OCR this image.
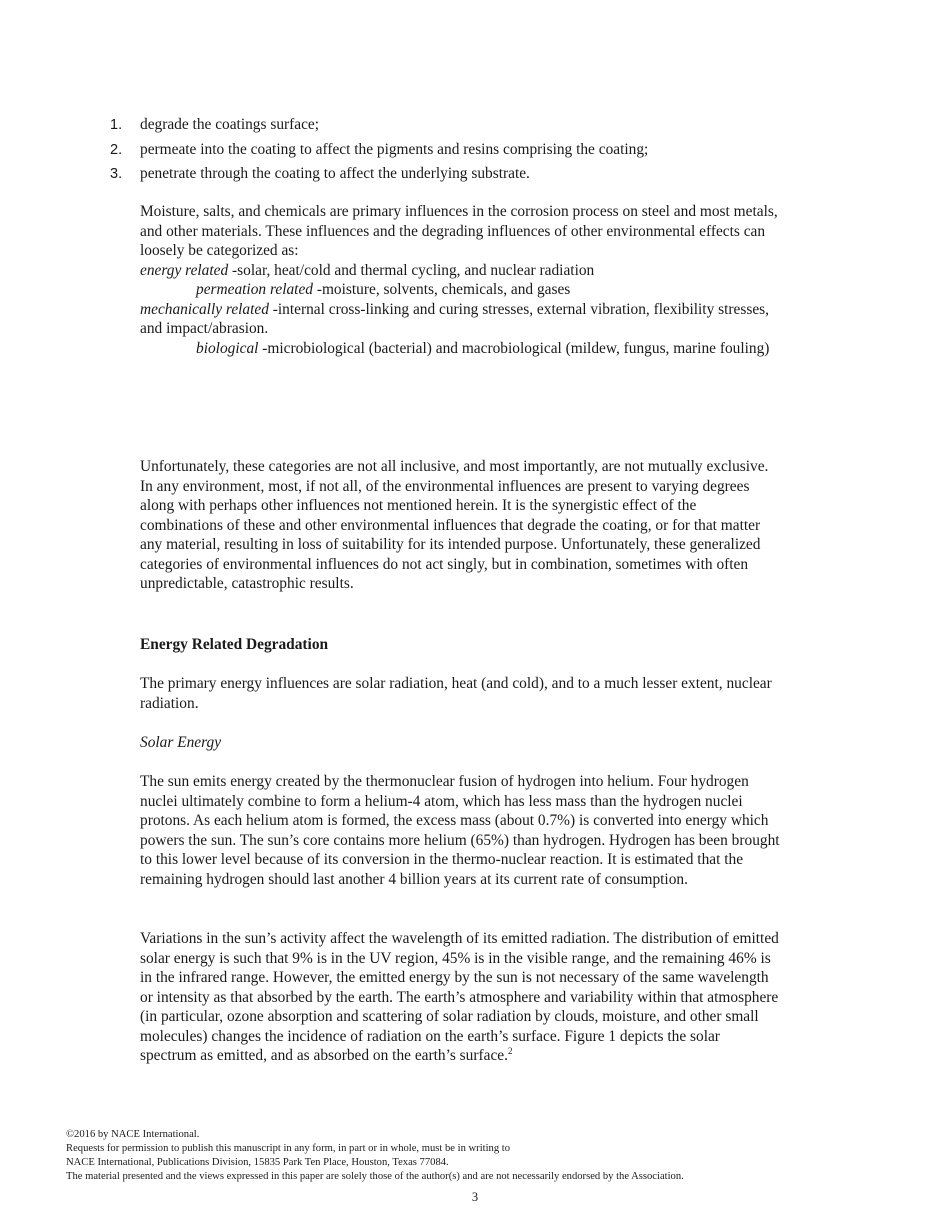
1.	degrade the coatings surface;
2.	permeate into the coating to affect the pigments and resins comprising the coating;
3.	penetrate through the coating to affect the underlying substrate.

Moisture, salts, and chemicals are primary influences in the corrosion process on steel and most metals, and other materials. These influences and the degrading influences of other environmental effects can loosely be categorized as:

energy related -solar, heat/cold and thermal cycling, and nuclear radiation

permeation related -moisture, solvents, chemicals, and gases

mechanically related -internal cross-linking and curing stresses, external vibration, flexibility stresses, and impact/abrasion.

biological -microbiological (bacterial) and macrobiological (mildew, fungus, marine fouling)

Unfortunately, these categories are not all inclusive, and most importantly, are not mutually exclusive. In any environment, most, if not all, of the environmental influences are present to varying degrees along with perhaps other influences not mentioned herein. It is the synergistic effect of the combinations of these and other environmental influences that degrade the coating, or for that matter any material, resulting in loss of suitability for its intended purpose. Unfortunately, these generalized categories of environmental influences do not act singly, but in combination, sometimes with often unpredictable, catastrophic results.

Energy Related Degradation

The primary energy influences are solar radiation, heat (and cold), and to a much lesser extent, nuclear radiation.

Solar Energy

The sun emits energy created by the thermonuclear fusion of hydrogen into helium. Four hydrogen nuclei ultimately combine to form a helium-4 atom, which has less mass than the hydrogen nuclei protons. As each helium atom is formed, the excess mass (about 0.7%) is converted into energy which powers the sun. The sun’s core contains more helium (65%) than hydrogen. Hydrogen has been brought to this lower level because of its conversion in the thermo-nuclear reaction. It is estimated that the remaining hydrogen should last another 4 billion years at its current rate of consumption.

Variations in the sun’s activity affect the wavelength of its emitted radiation. The distribution of emitted solar energy is such that 9% is in the UV region, 45% is in the visible range, and the remaining 46% is in the infrared range. However, the emitted energy by the sun is not necessary of the same wavelength or intensity as that absorbed by the earth. The earth’s atmosphere and variability within that atmosphere (in particular, ozone absorption and scattering of solar radiation by clouds, moisture, and other small molecules) changes the incidence of radiation on the earth’s surface. Figure 1 depicts the solar spectrum as emitted, and as absorbed on the earth’s surface.$^2$

©2016 by NACE International.
Requests for permission to publish this manuscript in any form, in part or in whole, must be in writing to
NACE International, Publications Division, 15835 Park Ten Place, Houston, Texas 77084.
The material presented and the views expressed in this paper are solely those of the author(s) and are not necessarily endorsed by the Association.
3
